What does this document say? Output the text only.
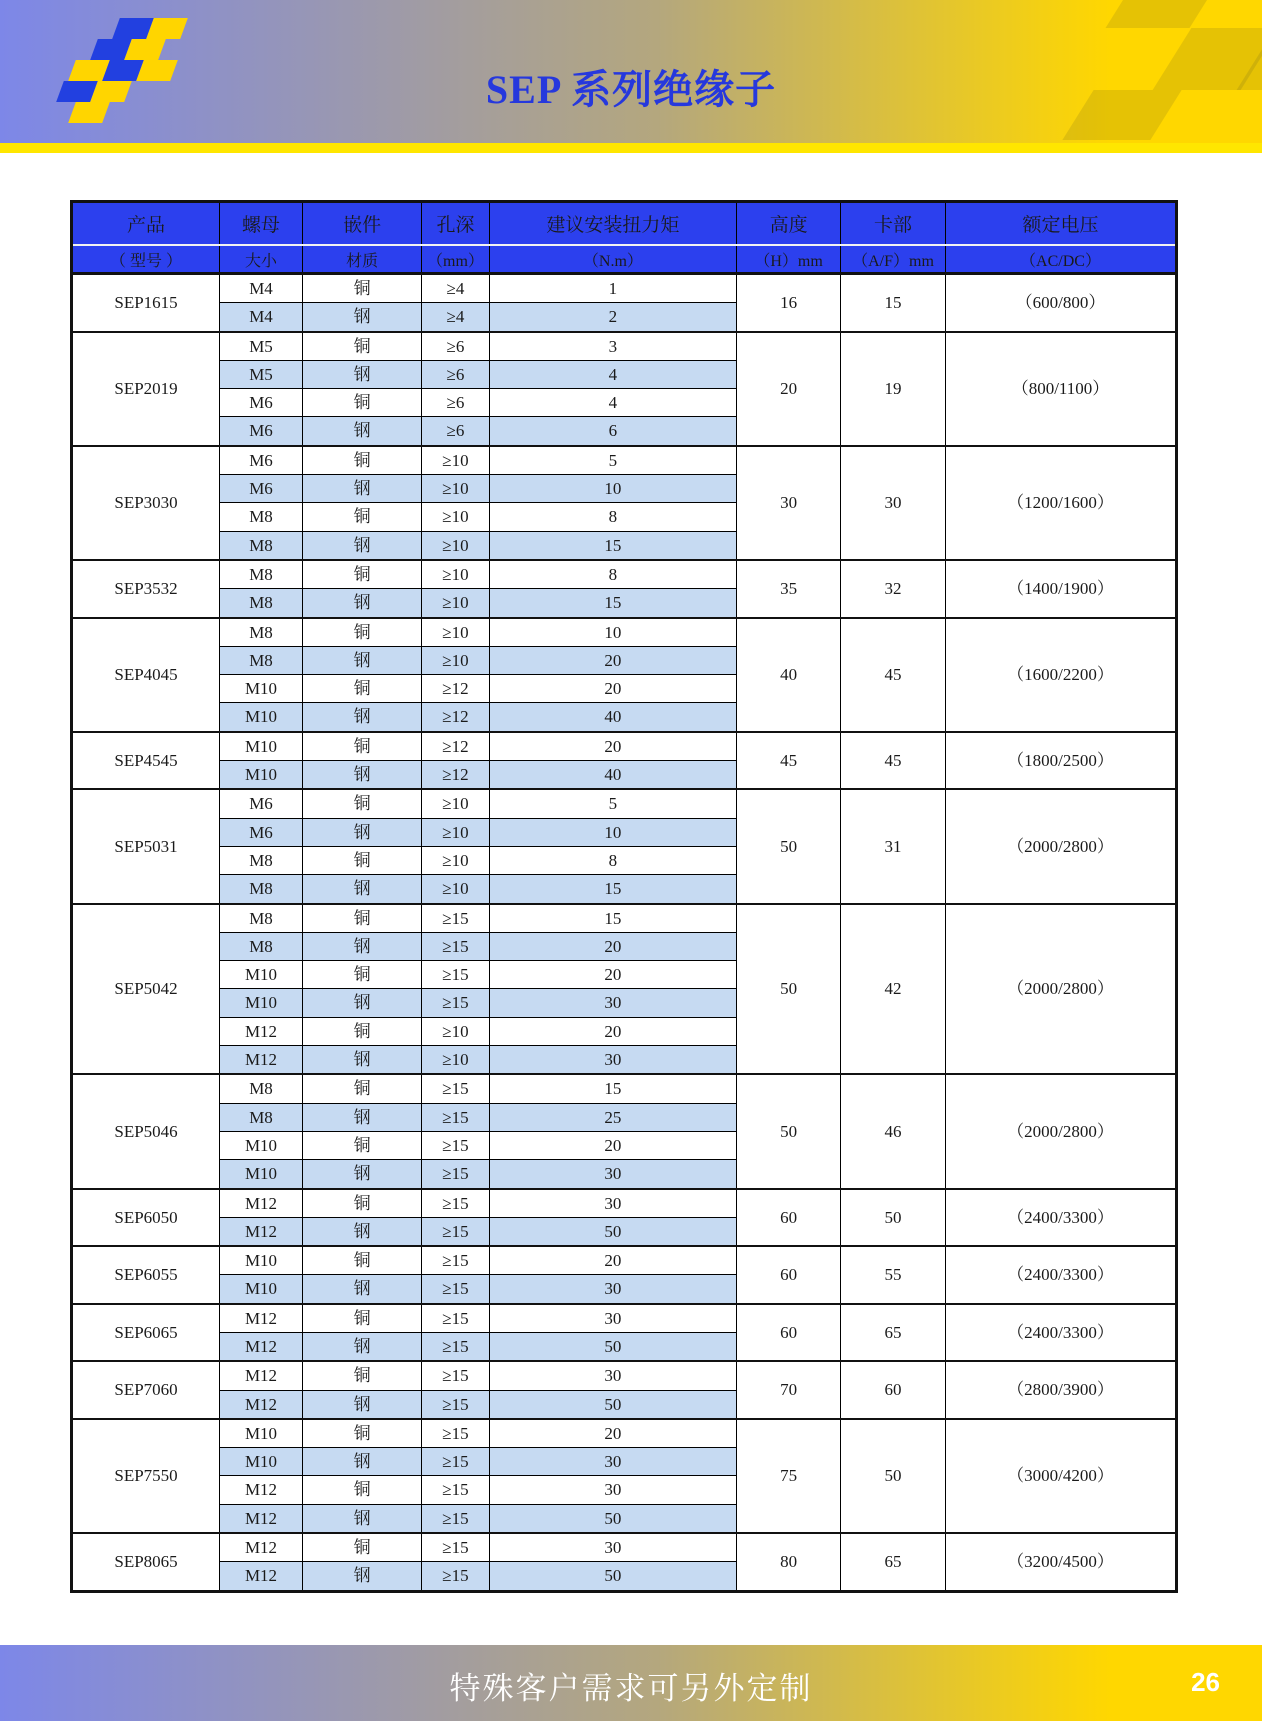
SEP 系列绝缘子
产品	螺母	嵌件	孔深	建议安装扭力矩	高度	卡部	额定电压
（ 型号 ）	大小	材质	（mm）	（N.m）	（H）mm	（A/F）mm	（AC/DC）
SEP1615	M4	铜	≥4	1	16	15	（600/800）
	M4	钢	≥4	2			
SEP2019	M5	铜	≥6	3	20	19	（800/1100）
	M5	钢	≥6	4			
	M6	铜	≥6	4			
	M6	钢	≥6	6			
SEP3030	M6	铜	≥10	5	30	30	（1200/1600）
	M6	钢	≥10	10			
	M8	铜	≥10	8			
	M8	钢	≥10	15			
SEP3532	M8	铜	≥10	8	35	32	（1400/1900）
	M8	钢	≥10	15			
SEP4045	M8	铜	≥10	10	40	45	（1600/2200）
	M8	钢	≥10	20			
	M10	铜	≥12	20			
	M10	钢	≥12	40			
SEP4545	M10	铜	≥12	20	45	45	（1800/2500）
	M10	钢	≥12	40			
SEP5031	M6	铜	≥10	5	50	31	（2000/2800）
	M6	钢	≥10	10			
	M8	铜	≥10	8			
	M8	钢	≥10	15			
SEP5042	M8	铜	≥15	15	50	42	（2000/2800）
	M8	钢	≥15	20			
	M10	铜	≥15	20			
	M10	钢	≥15	30			
	M12	铜	≥10	20			
	M12	钢	≥10	30			
SEP5046	M8	铜	≥15	15	50	46	（2000/2800）
	M8	钢	≥15	25			
	M10	铜	≥15	20			
	M10	钢	≥15	30			
SEP6050	M12	铜	≥15	30	60	50	（2400/3300）
	M12	钢	≥15	50			
SEP6055	M10	铜	≥15	20	60	55	（2400/3300）
	M10	钢	≥15	30			
SEP6065	M12	铜	≥15	30	60	65	（2400/3300）
	M12	钢	≥15	50			
SEP7060	M12	铜	≥15	30	70	60	（2800/3900）
	M12	钢	≥15	50			
SEP7550	M10	铜	≥15	20	75	50	（3000/4200）
	M10	钢	≥15	30			
	M12	铜	≥15	30			
	M12	钢	≥15	50			
SEP8065	M12	铜	≥15	30	80	65	（3200/4500）
	M12	钢	≥15	50			
特殊客户需求可另外定制	26
